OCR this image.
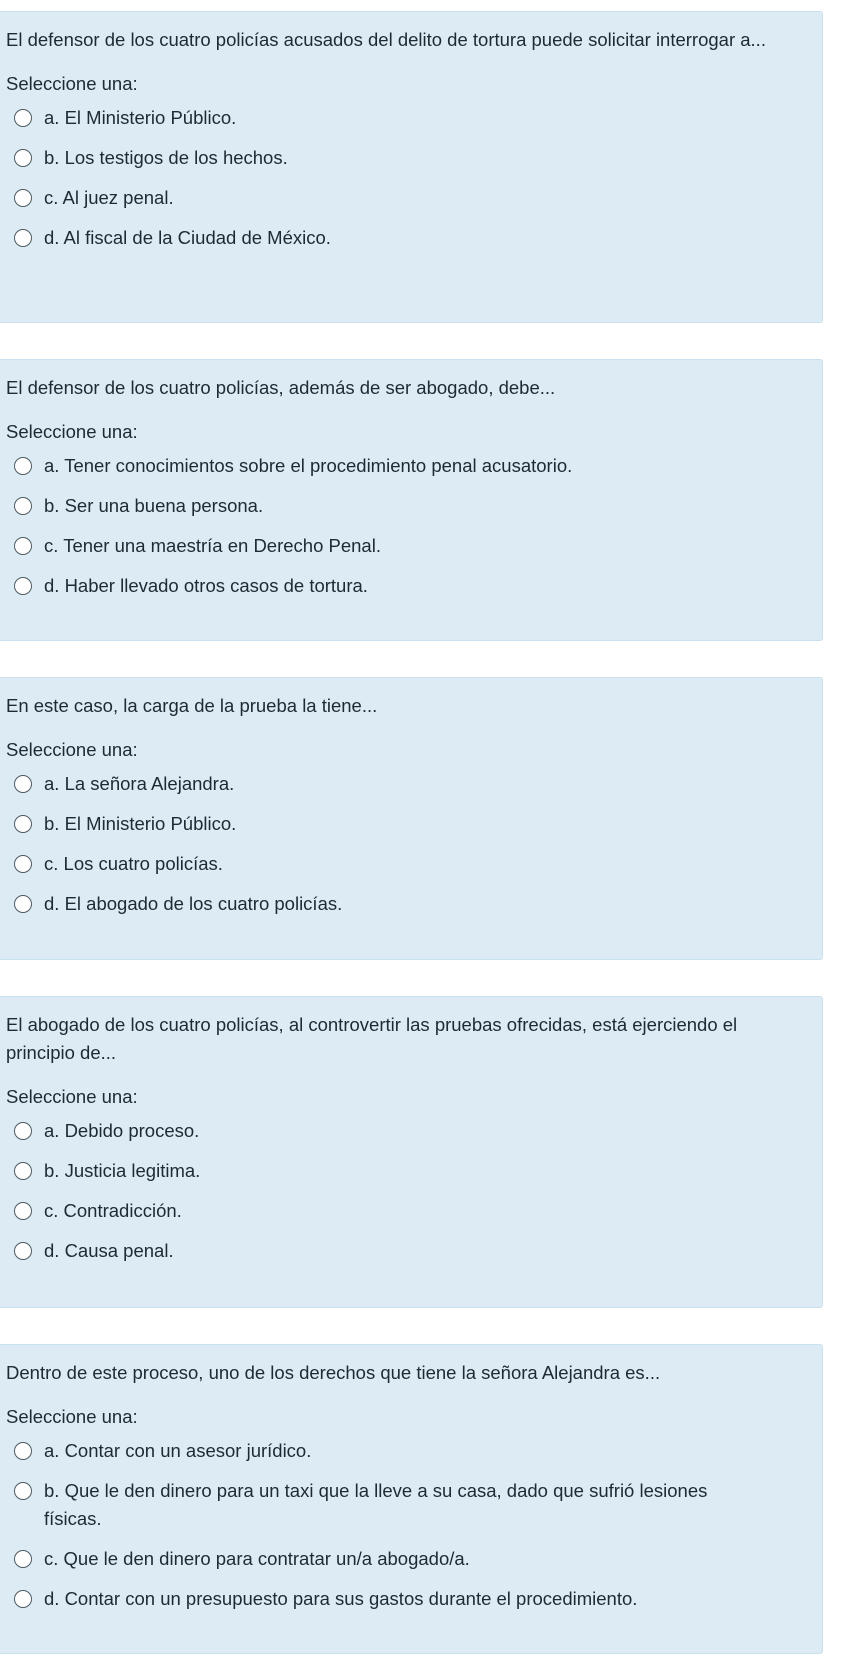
El defensor de los cuatro policías acusados del delito de tortura puede solicitar interrogar a...

Seleccione una:

a. El Ministerio Público.
b. Los testigos de los hechos.
c. Al juez penal.
d. Al fiscal de la Ciudad de México.

El defensor de los cuatro policías, además de ser abogado, debe...

Seleccione una:

a. Tener conocimientos sobre el procedimiento penal acusatorio.
b. Ser una buena persona.
c. Tener una maestría en Derecho Penal.
d. Haber llevado otros casos de tortura.

En este caso, la carga de la prueba la tiene...

Seleccione una:

a. La señora Alejandra.
b. El Ministerio Público.
c. Los cuatro policías.
d. El abogado de los cuatro policías.

El abogado de los cuatro policías, al controvertir las pruebas ofrecidas, está ejerciendo el principio de...

Seleccione una:

a. Debido proceso.
b. Justicia legitima.
c. Contradicción.
d. Causa penal.

Dentro de este proceso, uno de los derechos que tiene la señora Alejandra es...

Seleccione una:

a. Contar con un asesor jurídico.
b. Que le den dinero para un taxi que la lleve a su casa, dado que sufrió lesiones físicas.
c. Que le den dinero para contratar un/a abogado/a.
d. Contar con un presupuesto para sus gastos durante el procedimiento.
